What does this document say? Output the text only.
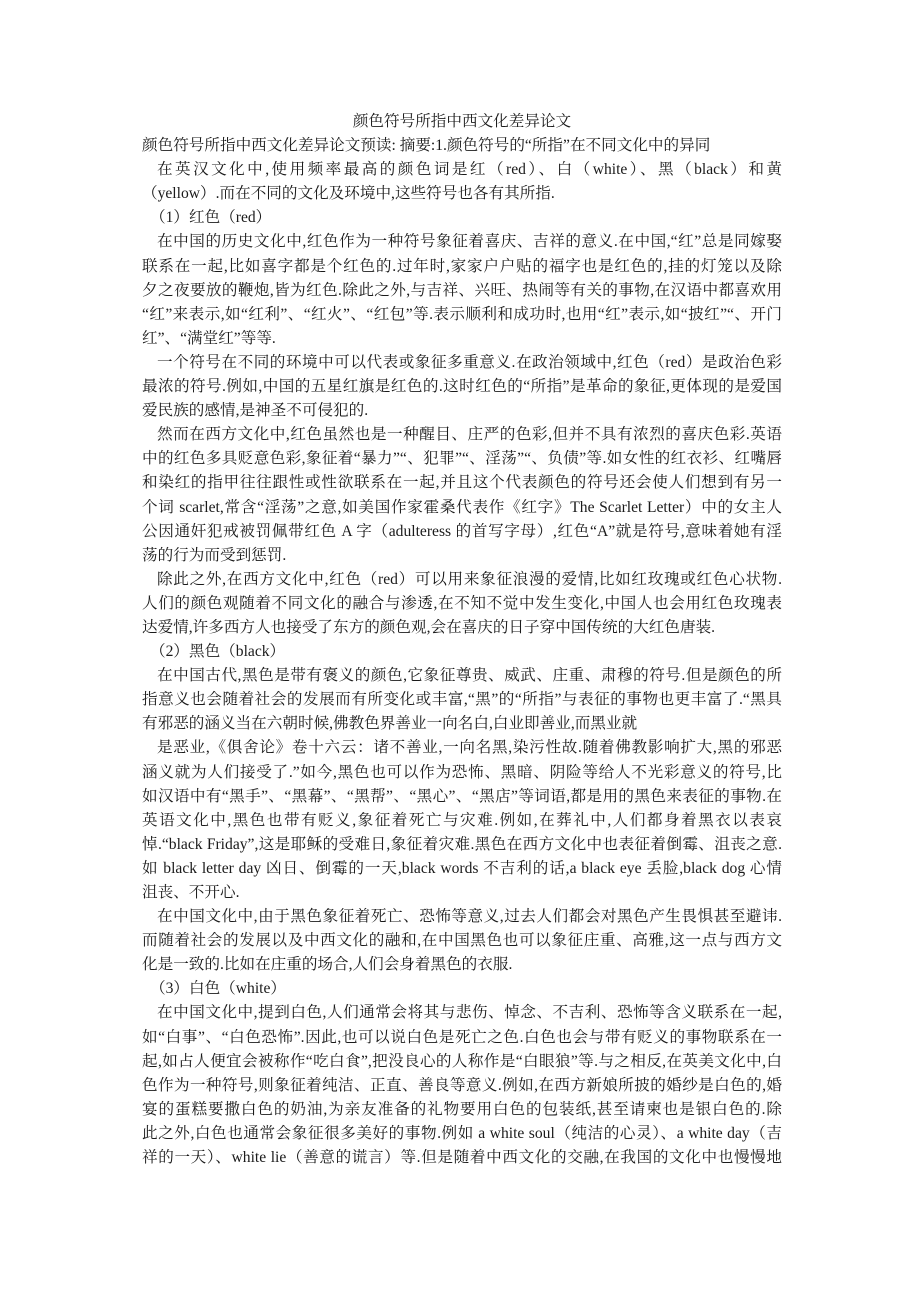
颜色符号所指中西文化差异论文

颜色符号所指中西文化差异论文预读: 摘要:1.颜色符号的“所指”在不同文化中的异同

在英汉文化中,使用频率最高的颜色词是红（red）、白（white）、黑（black）和黄

（yellow）.而在不同的文化及环境中,这些符号也各有其所指.

（1）红色（red）

在中国的历史文化中,红色作为一种符号象征着喜庆、吉祥的意义.在中国,“红”总是同嫁娶

联系在一起,比如喜字都是个红色的.过年时,家家户户贴的福字也是红色的,挂的灯笼以及除

夕之夜要放的鞭炮,皆为红色.除此之外,与吉祥、兴旺、热闹等有关的事物,在汉语中都喜欢用

“红”来表示,如“红利”、“红火”、“红包”等.表示顺利和成功时,也用“红”表示,如“披红”“、开门

红”、“满堂红”等等.

一个符号在不同的环境中可以代表或象征多重意义.在政治领域中,红色（red）是政治色彩

最浓的符号.例如,中国的五星红旗是红色的.这时红色的“所指”是革命的象征,更体现的是爱国

爱民族的感情,是神圣不可侵犯的.

然而在西方文化中,红色虽然也是一种醒目、庄严的色彩,但并不具有浓烈的喜庆色彩.英语

中的红色多具贬意色彩,象征着“暴力”“、犯罪”“、淫荡”“、负债”等.如女性的红衣衫、红嘴唇

和染红的指甲往往跟性或性欲联系在一起,并且这个代表颜色的符号还会使人们想到有另一

个词 scarlet,常含“淫荡”之意,如美国作家霍桑代表作《红字》The Scarlet Letter）中的女主人

公因通奸犯戒被罚佩带红色 A 字（adulteress 的首写字母）,红色“A”就是符号,意味着她有淫

荡的行为而受到惩罚.

除此之外,在西方文化中,红色（red）可以用来象征浪漫的爱情,比如红玫瑰或红色心状物.

人们的颜色观随着不同文化的融合与渗透,在不知不觉中发生变化,中国人也会用红色玫瑰表

达爱情,许多西方人也接受了东方的颜色观,会在喜庆的日子穿中国传统的大红色唐装.

（2）黑色（black）

在中国古代,黑色是带有褒义的颜色,它象征尊贵、威武、庄重、肃穆的符号.但是颜色的所

指意义也会随着社会的发展而有所变化或丰富,“黑”的“所指”与表征的事物也更丰富了.“黑具

有邪恶的涵义当在六朝时候,佛教色界善业一向名白,白业即善业,而黑业就

是恶业,《俱舍论》卷十六云：诸不善业,一向名黑,染污性故.随着佛教影响扩大,黑的邪恶

涵义就为人们接受了.”如今,黑色也可以作为恐怖、黑暗、阴险等给人不光彩意义的符号,比

如汉语中有“黑手”、“黑幕”、“黑帮”、“黑心”、“黑店”等词语,都是用的黑色来表征的事物.在

英语文化中,黑色也带有贬义,象征着死亡与灾难.例如,在葬礼中,人们都身着黑衣以表哀

悼.“black Friday”,这是耶稣的受难日,象征着灾难.黑色在西方文化中也表征着倒霉、沮丧之意.

如 black letter day 凶日、倒霉的一天,black words 不吉利的话,a black eye 丢脸,black dog 心情

沮丧、不开心.

在中国文化中,由于黑色象征着死亡、恐怖等意义,过去人们都会对黑色产生畏惧甚至避讳.

而随着社会的发展以及中西文化的融和,在中国黑色也可以象征庄重、高雅,这一点与西方文

化是一致的.比如在庄重的场合,人们会身着黑色的衣服.

（3）白色（white）

在中国文化中,提到白色,人们通常会将其与悲伤、悼念、不吉利、恐怖等含义联系在一起,

如“白事”、“白色恐怖”.因此,也可以说白色是死亡之色.白色也会与带有贬义的事物联系在一

起,如占人便宜会被称作“吃白食”,把没良心的人称作是“白眼狼”等.与之相反,在英美文化中,白

色作为一种符号,则象征着纯洁、正直、善良等意义.例如,在西方新娘所披的婚纱是白色的,婚

宴的蛋糕要撒白色的奶油,为亲友准备的礼物要用白色的包装纸,甚至请柬也是银白色的.除

此之外,白色也通常会象征很多美好的事物.例如 a white soul（纯洁的心灵）、a white day（吉

祥的一天）、white lie（善意的谎言）等.但是随着中西文化的交融,在我国的文化中也慢慢地
